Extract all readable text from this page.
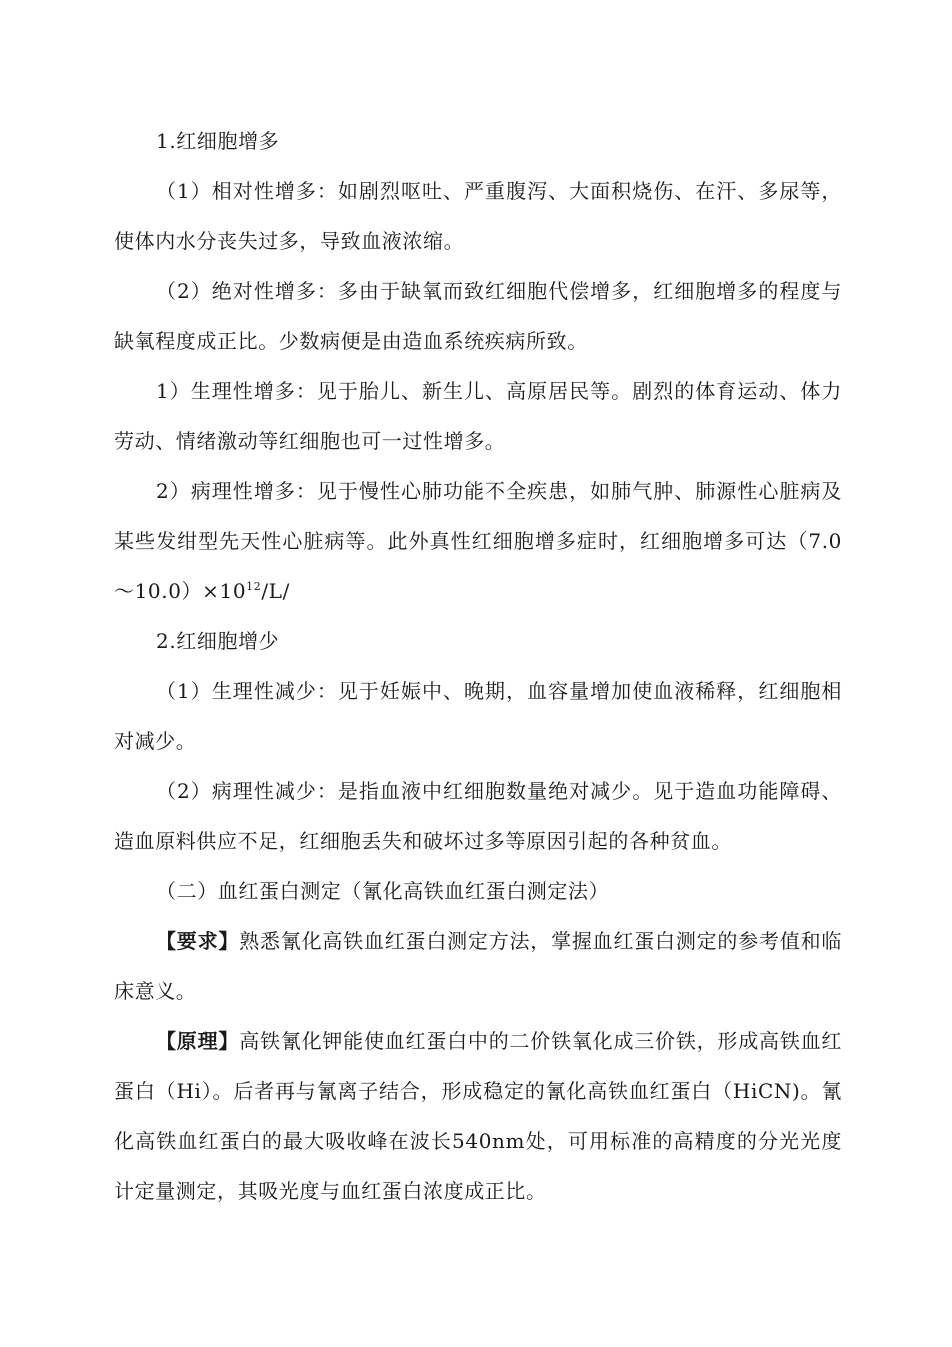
1.红细胞增多

（1）相对性增多：如剧烈呕吐、严重腹泻、大面积烧伤、在汗、多尿等，使体内水分丧失过多，导致血液浓缩。

（2）绝对性增多：多由于缺氧而致红细胞代偿增多，红细胞增多的程度与缺氧程度成正比。少数病便是由造血系统疾病所致。

1）生理性增多：见于胎儿、新生儿、高原居民等。剧烈的体育运动、体力劳动、情绪激动等红细胞也可一过性增多。

2）病理性增多：见于慢性心肺功能不全疾患，如肺气肿、肺源性心脏病及某些发绀型先天性心脏病等。此外真性红细胞增多症时，红细胞增多可达$(7.0\sim 10.0)\times 10^{12}/L/$

2.红细胞增少

（1）生理性减少：见于妊娠中、晚期，血容量增加使血液稀释，红细胞相对减少。

（2）病理性减少：是指血液中红细胞数量绝对减少。见于造血功能障碍、造血原料供应不足，红细胞丢失和破坏过多等原因引起的各种贫血。

（二）血红蛋白测定（氰化高铁血红蛋白测定法）

【要求】熟悉氰化高铁血红蛋白测定方法，掌握血红蛋白测定的参考值和临床意义。

【原理】高铁氰化钾能使血红蛋白中的二价铁氧化成三价铁，形成高铁血红蛋白（Hi）。后者再与氰离子结合，形成稳定的氰化高铁血红蛋白（HiCN)。氰化高铁血红蛋白的最大吸收峰在波长540nm处，可用标准的高精度的分光光度计定量测定，其吸光度与血红蛋白浓度成正比。
